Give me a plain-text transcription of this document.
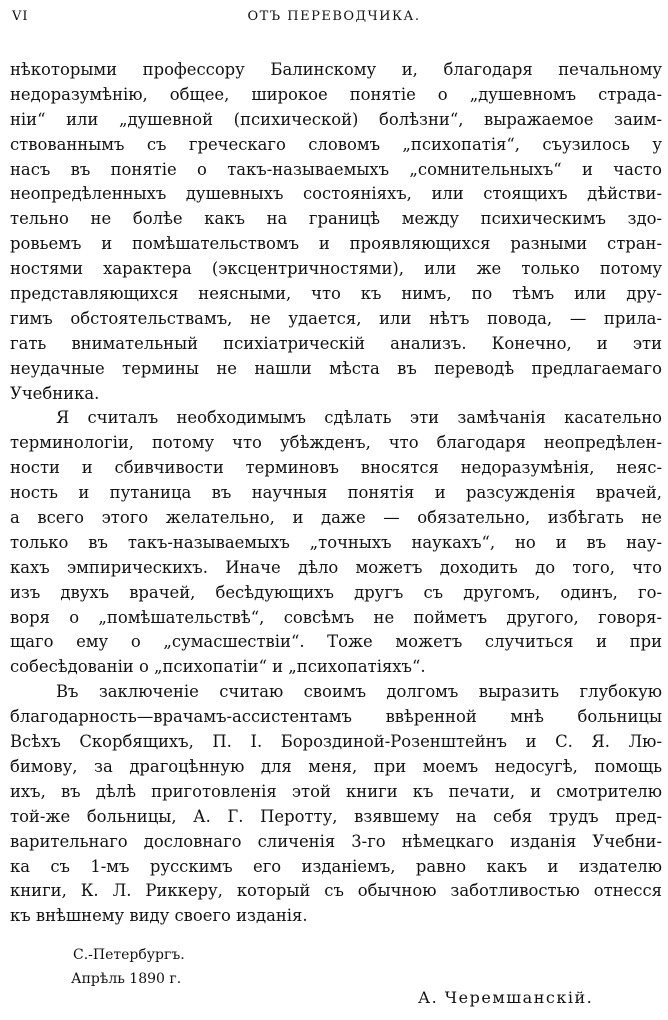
VI	ОТЪ ПЕРЕВОДЧИКА.
нѣкоторыми профессору Балинскому и, благодаря печальному
недоразумѣнію, общее, широкое понятіе о „душевномъ страда-
ніи“ или „душевной (психической) болѣзни“, выражаемое заим-
ствованнымъ съ греческаго словомъ „психопатія“, съузилось у
насъ въ понятіе о такъ-называемыхъ „сомнительныхъ“ и часто
неопредѣленныхъ душевныхъ состояніяхъ, или стоящихъ дѣйстви-
тельно не болѣе какъ на границѣ между психическимъ здо-
ровьемъ и помѣшательствомъ и проявляющихся разными стран-
ностями характера (эксцентричностями), или же только потому
представляющихся неясными, что къ нимъ, по тѣмъ или дру-
гимъ обстоятельствамъ, не удается, или нѣтъ повода, — прила-
гать внимательный психіатрическій анализъ. Конечно, и эти
неудачные термины не нашли мѣста въ переводѣ предлагаемаго
Учебника.
Я считалъ необходимымъ сдѣлать эти замѣчанія касательно
терминологіи, потому что убѣжденъ, что благодаря неопредѣлен-
ности и сбивчивости терминовъ вносятся недоразумѣнія, неяс-
ность и путаница въ научныя понятія и разсужденія врачей,
а всего этого желательно, и даже — обязательно, избѣгать не
только въ такъ-называемыхъ „точныхъ наукахъ“, но и въ нау-
кахъ эмпирическихъ. Иначе дѣло можетъ доходить до того, что
изъ двухъ врачей, бесѣдующихъ другъ съ другомъ, одинъ, го-
воря о „помѣшательствѣ“, совсѣмъ не пойметъ другого, говоря-
щаго ему о „сумасшествіи“. Тоже можетъ случиться и при
собесѣдованіи о „психопатіи“ и „психопатіяхъ“.
Въ заключеніе считаю своимъ долгомъ выразить глубокую
благодарность—врачамъ-ассистентамъ ввѣренной мнѣ больницы
Всѣхъ Скорбящихъ, П. І. Бороздиной-Розенштейнъ и С. Я. Лю-
бимову, за драгоцѣнную для меня, при моемъ недосугѣ, помощь
ихъ, въ дѣлѣ приготовленія этой книги къ печати, и смотрителю
той-же больницы, А. Г. Перотту, взявшему на себя трудъ пред-
варительнаго дословнаго сличенія 3-го нѣмецкаго изданія Учебни-
ка съ 1-мъ русскимъ его изданіемъ, равно какъ и издателю
книги, К. Л. Риккеру, который съ обычною заботливостью отнесся
къ внѣшнему виду своего изданія.
С.-Петербургъ.
Апрѣль 1890 г.
А. Черемшанскій.
